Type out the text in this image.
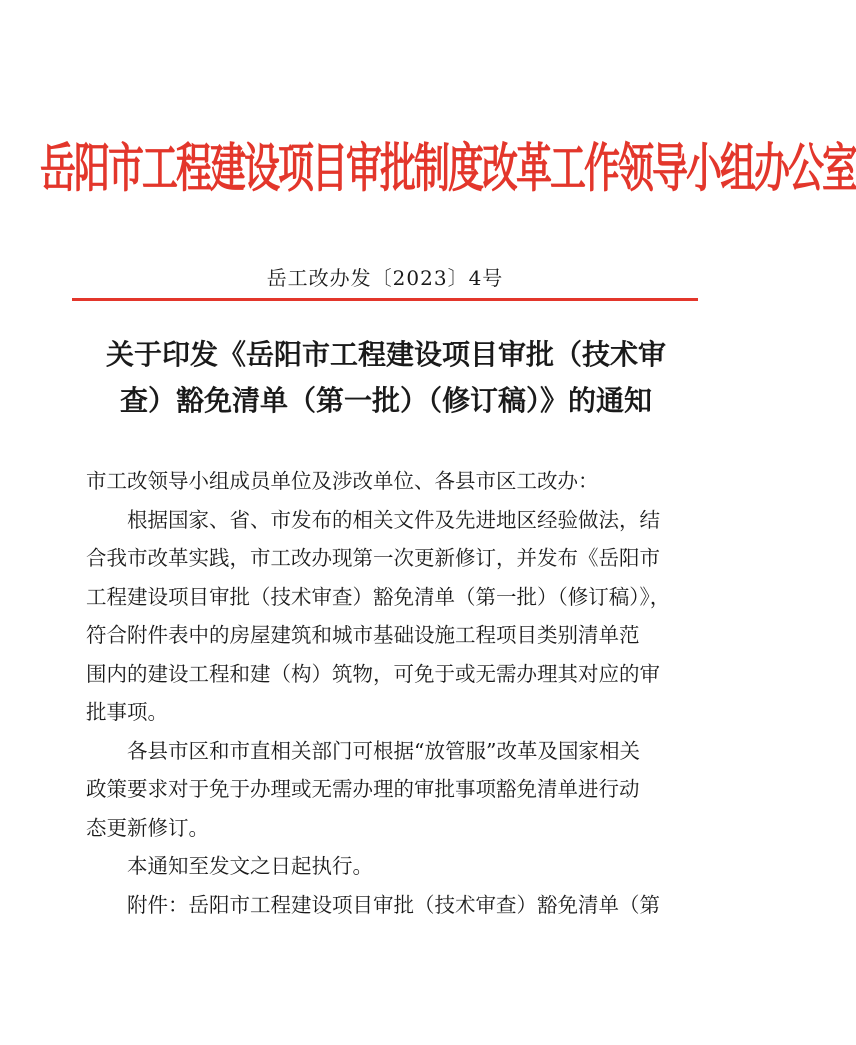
岳阳市工程建设项目审批制度改革工作领导小组办公室
岳工改办发〔2023〕4号
关于印发《岳阳市工程建设项目审批（技术审
查）豁免清单（第一批）（修订稿）》的通知

市工改领导小组成员单位及涉改单位、各县市区工改办：

根据国家、省、市发布的相关文件及先进地区经验做法，结
合我市改革实践，市工改办现第一次更新修订，并发布《岳阳市
工程建设项目审批（技术审查）豁免清单（第一批）（修订稿）》，
符合附件表中的房屋建筑和城市基础设施工程项目类别清单范
围内的建设工程和建（构）筑物，可免于或无需办理其对应的审
批事项。

各县市区和市直相关部门可根据“放管服”改革及国家相关
政策要求对于免于办理或无需办理的审批事项豁免清单进行动
态更新修订。

本通知至发文之日起执行。

附件：岳阳市工程建设项目审批（技术审查）豁免清单（第
